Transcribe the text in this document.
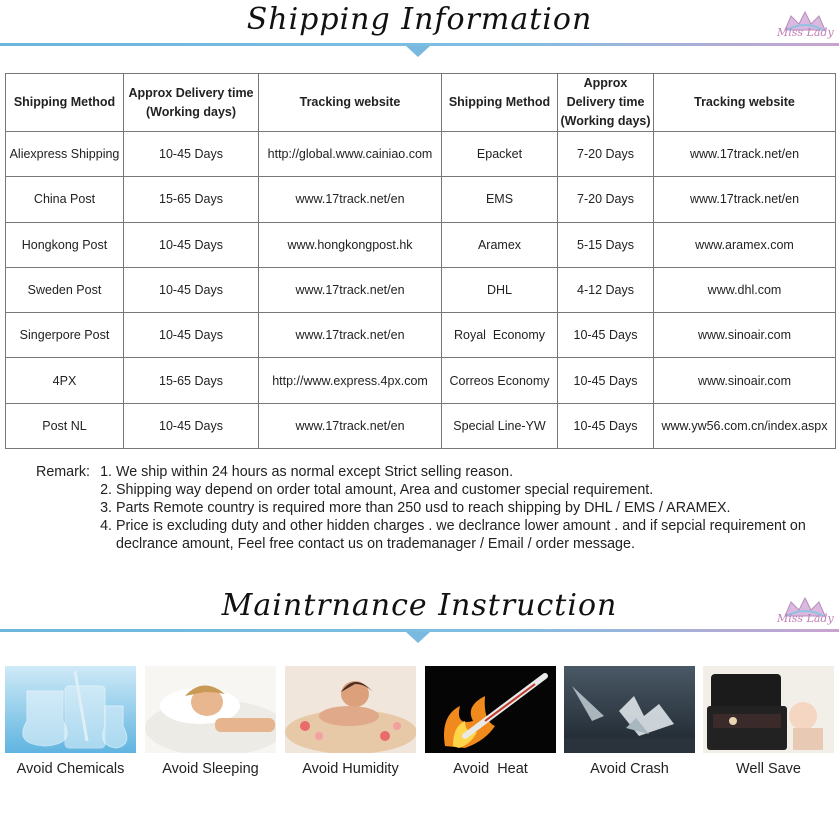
Shipping Information	Miss Lady
Shipping Method	Approx Delivery time (Working days)	Tracking website	Shipping Method	Approx Delivery time (Working days)	Tracking website
Aliexpress Shipping	10-45 Days	http://global.www.cainiao.com	Epacket	7-20 Days	www.17track.net/en
China Post	15-65 Days	www.17track.net/en	EMS	7-20 Days	www.17track.net/en
Hongkong Post	10-45 Days	www.hongkongpost.hk	Aramex	5-15 Days	www.aramex.com
Sweden Post	10-45 Days	www.17track.net/en	DHL	4-12 Days	www.dhl.com
Singerpore Post	10-45 Days	www.17track.net/en	Royal  Economy	10-45 Days	www.sinoair.com
4PX	15-65 Days	http://www.express.4px.com	Correos Economy	10-45 Days	www.sinoair.com
Post NL	10-45 Days	www.17track.net/en	Special Line-YW	10-45 Days	www.yw56.com.cn/index.aspx
Remark: 1. We ship within 24 hours as normal except Strict selling reason.
2. Shipping way depend on order total amount, Area and customer special requirement.
3. Parts Remote country is required more than 250 usd to reach shipping by DHL / EMS / ARAMEX.
4. Price is excluding duty and other hidden charges . we declrance lower amount . and if sepcial requirement on declrance amount, Feel free contact us on trademanager / Email / order message.
Maintrnance Instruction	Miss Lady
Avoid Chemicals	Avoid Sleeping	Avoid Humidity	Avoid  Heat	Avoid Crash	Well Save
